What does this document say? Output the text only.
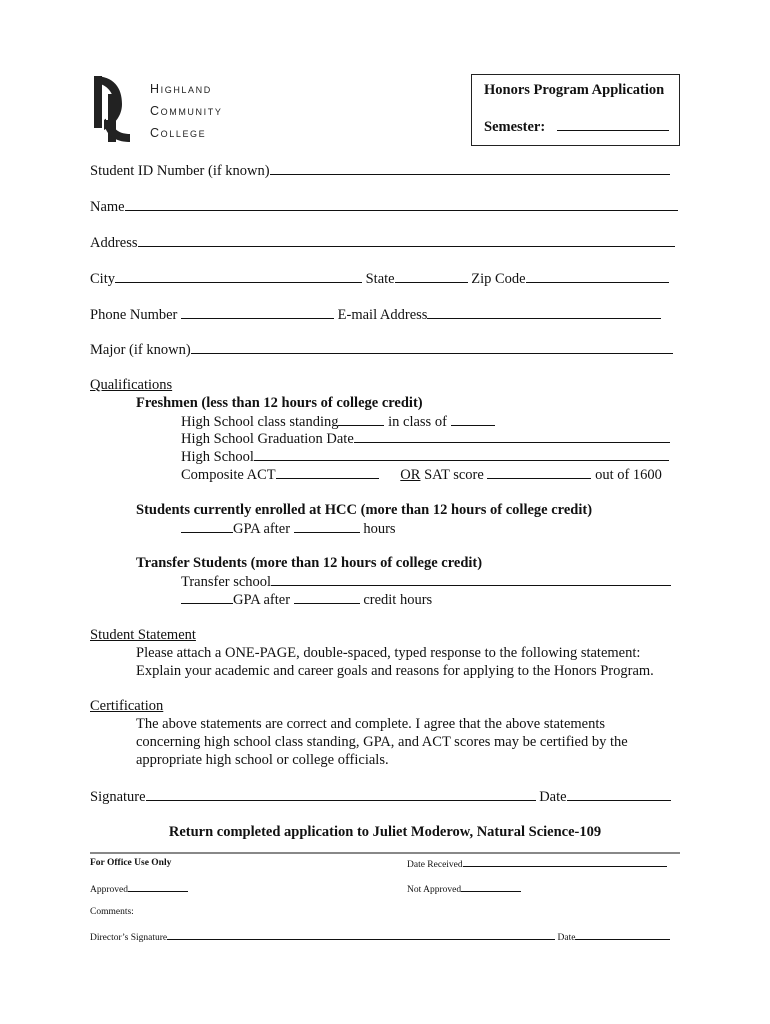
Highland
Community
College
Honors Program Application
Semester:
Student ID Number (if known)
Name
Address
City	State	Zip Code
Phone Number	E-mail Address
Major (if known)
Qualifications
Freshmen (less than 12 hours of college credit)
High School class standing	in class of
High School Graduation Date
High School
Composite ACT	OR SAT score	out of 1600
Students currently enrolled at HCC (more than 12 hours of college credit)
GPA after	hours
Transfer Students (more than 12 hours of college credit)
Transfer school
GPA after	credit hours
Student Statement
Please attach a ONE-PAGE, double-spaced, typed response to the following statement:
Explain your academic and career goals and reasons for applying to the Honors Program.
Certification
The above statements are correct and complete. I agree that the above statements
concerning high school class standing, GPA, and ACT scores may be certified by the
appropriate high school or college officials.
Signature	Date
Return completed application to Juliet Moderow, Natural Science-109
For Office Use Only	Date Received
Approved	Not Approved
Comments:
Director’s Signature	Date
